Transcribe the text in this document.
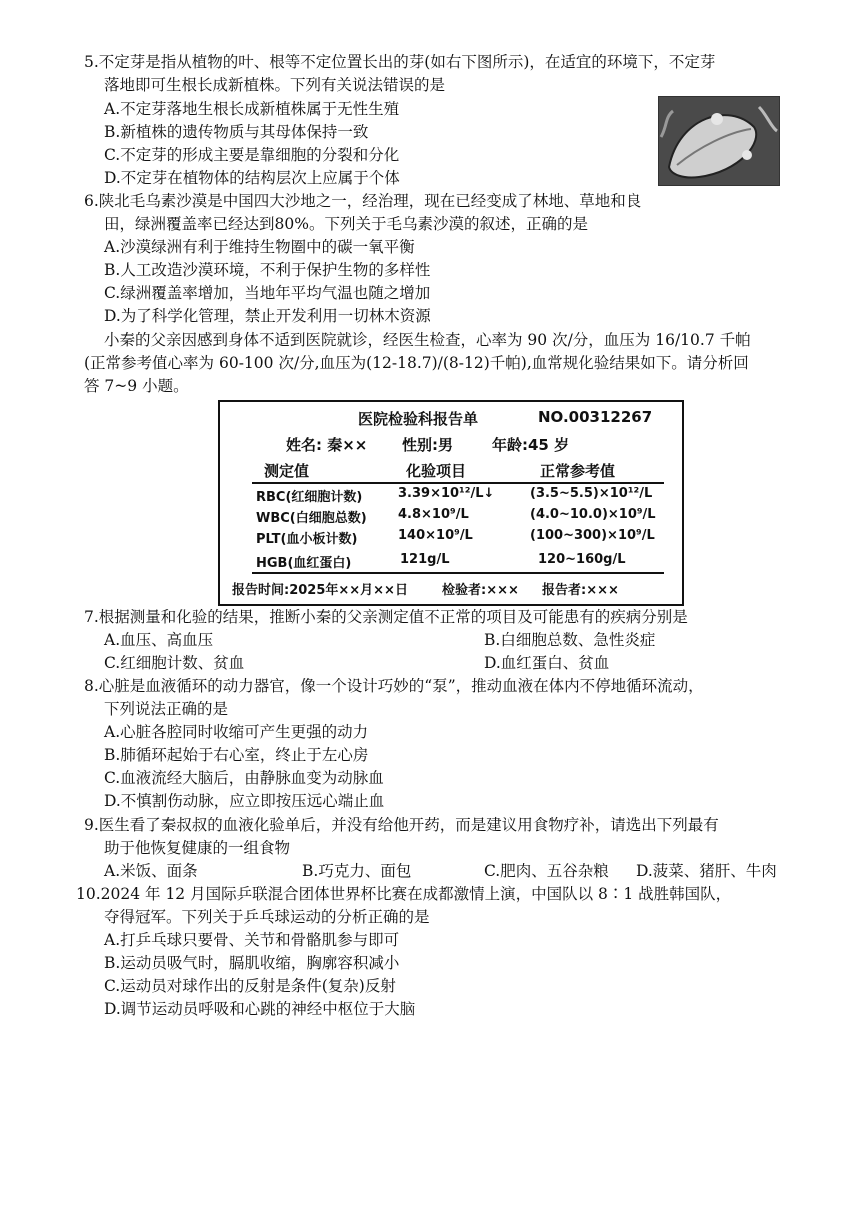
5.不定芽是指从植物的叶、根等不定位置长出的芽(如右下图所示)，在适宜的环境下，不定芽
落地即可生根长成新植株。下列有关说法错误的是
A.不定芽落地生根长成新植株属于无性生殖
B.新植株的遗传物质与其母体保持一致
C.不定芽的形成主要是靠细胞的分裂和分化
D.不定芽在植物体的结构层次上应属于个体
6.陕北毛乌素沙漠是中国四大沙地之一，经治理，现在已经变成了林地、草地和良
田，绿洲覆盖率已经达到80%。下列关于毛乌素沙漠的叙述，正确的是
A.沙漠绿洲有利于维持生物圈中的碳一氧平衡
B.人工改造沙漠环境，不利于保护生物的多样性
C.绿洲覆盖率增加，当地年平均气温也随之增加
D.为了科学化管理，禁止开发利用一切林木资源
小秦的父亲因感到身体不适到医院就诊，经医生检查，心率为 90 次/分，血压为 16/10.7 千帕
(正常参考值心率为 60-100 次/分,血压为(12-18.7)/(8-12)千帕),血常规化验结果如下。请分析回
答 7~9 小题。
医院检验科报告单	NO.00312267
姓名: 秦×× 性别:男	年龄:45 岁
测定值	化验项目	正常参考值
RBC(红细胞计数)	3.39×10¹²/L↓	(3.5~5.5)×10¹²/L
WBC(白细胞总数) 4.8×10⁹/L	(4.0~10.0)×10⁹/L
PLT(血小板计数)	140×10⁹/L	(100~300)×10⁹/L
HGB(血红蛋白)	121g/L	120~160g/L
报告时间:2025年××月××日	检验者:××× 报告者:×××
7.根据测量和化验的结果，推断小秦的父亲测定值不正常的项目及可能患有的疾病分别是
A.血压、高血压	B.白细胞总数、急性炎症
C.红细胞计数、贫血	D.血红蛋白、贫血
8.心脏是血液循环的动力器官，像一个设计巧妙的“泵”，推动血液在体内不停地循环流动，
下列说法正确的是
A.心脏各腔同时收缩可产生更强的动力
B.肺循环起始于右心室，终止于左心房
C.血液流经大脑后，由静脉血变为动脉血
D.不慎割伤动脉，应立即按压远心端止血
9.医生看了秦叔叔的血液化验单后，并没有给他开药，而是建议用食物疗补，请选出下列最有
助于他恢复健康的一组食物
A.米饭、面条	B.巧克力、面包	C.肥肉、五谷杂粮 D.菠菜、猪肝、牛肉
10.2024 年 12 月国际乒联混合团体世界杯比赛在成都激情上演，中国队以 8∶1 战胜韩国队，
夺得冠军。下列关于乒乓球运动的分析正确的是
A.打乒乓球只要骨、关节和骨骼肌参与即可
B.运动员吸气时，膈肌收缩，胸廓容积减小
C.运动员对球作出的反射是条件(复杂)反射
D.调节运动员呼吸和心跳的神经中枢位于大脑
